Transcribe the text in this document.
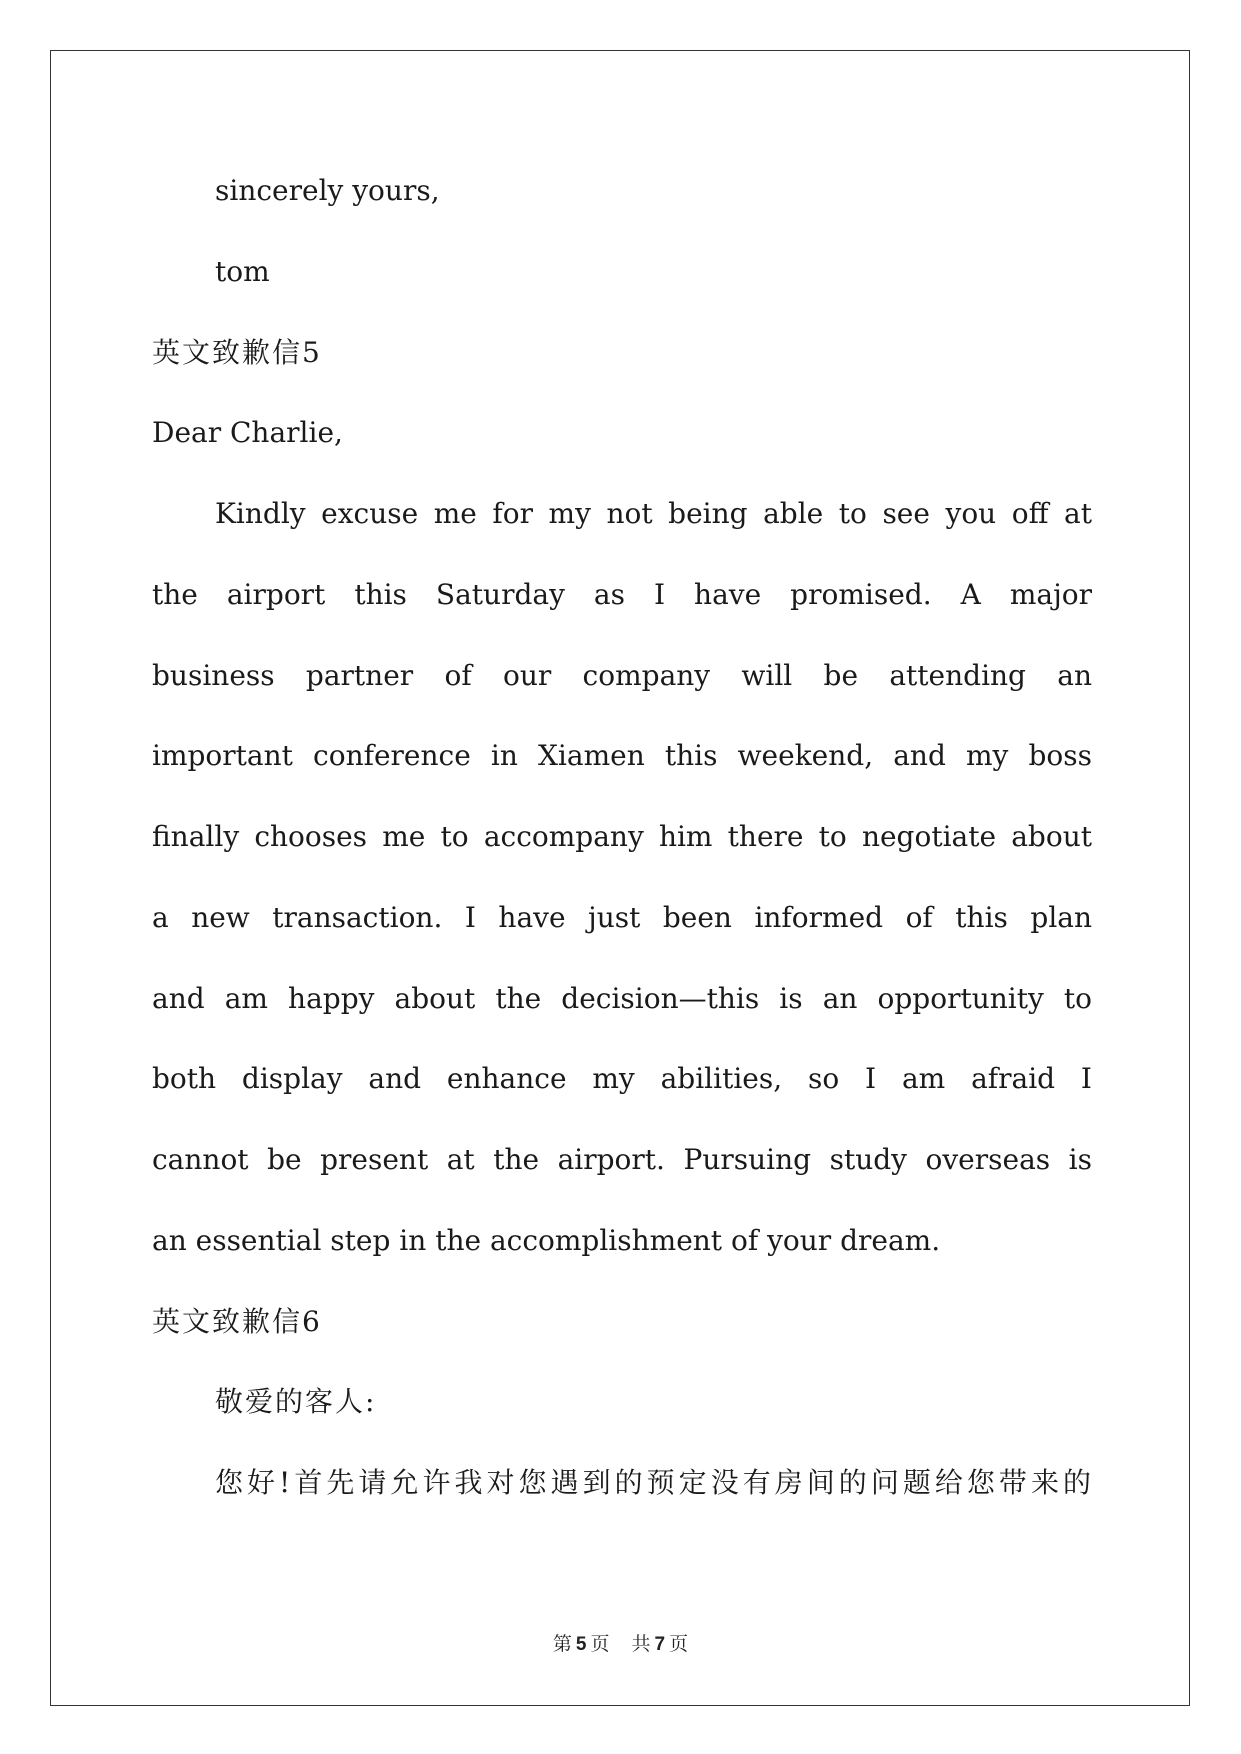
sincerely yours,
tom
英文致歉信5
Dear Charlie,
Kindly excuse me for my not being able to see you off at
the airport this Saturday as I have promised. A major
business partner of our company will be attending an
important conference in Xiamen this weekend, and my boss
finally chooses me to accompany him there to negotiate about
a new transaction. I have just been informed of this plan
and am happy about the decision—this is an opportunity to
both display and enhance my abilities, so I am afraid I
cannot be present at the airport. Pursuing study overseas is
an essential step in the accomplishment of your dream.
英文致歉信6
敬爱的客人:
您好!首先请允许我对您遇到的预定没有房间的问题给您带来的
第 5 页 共 7 页
